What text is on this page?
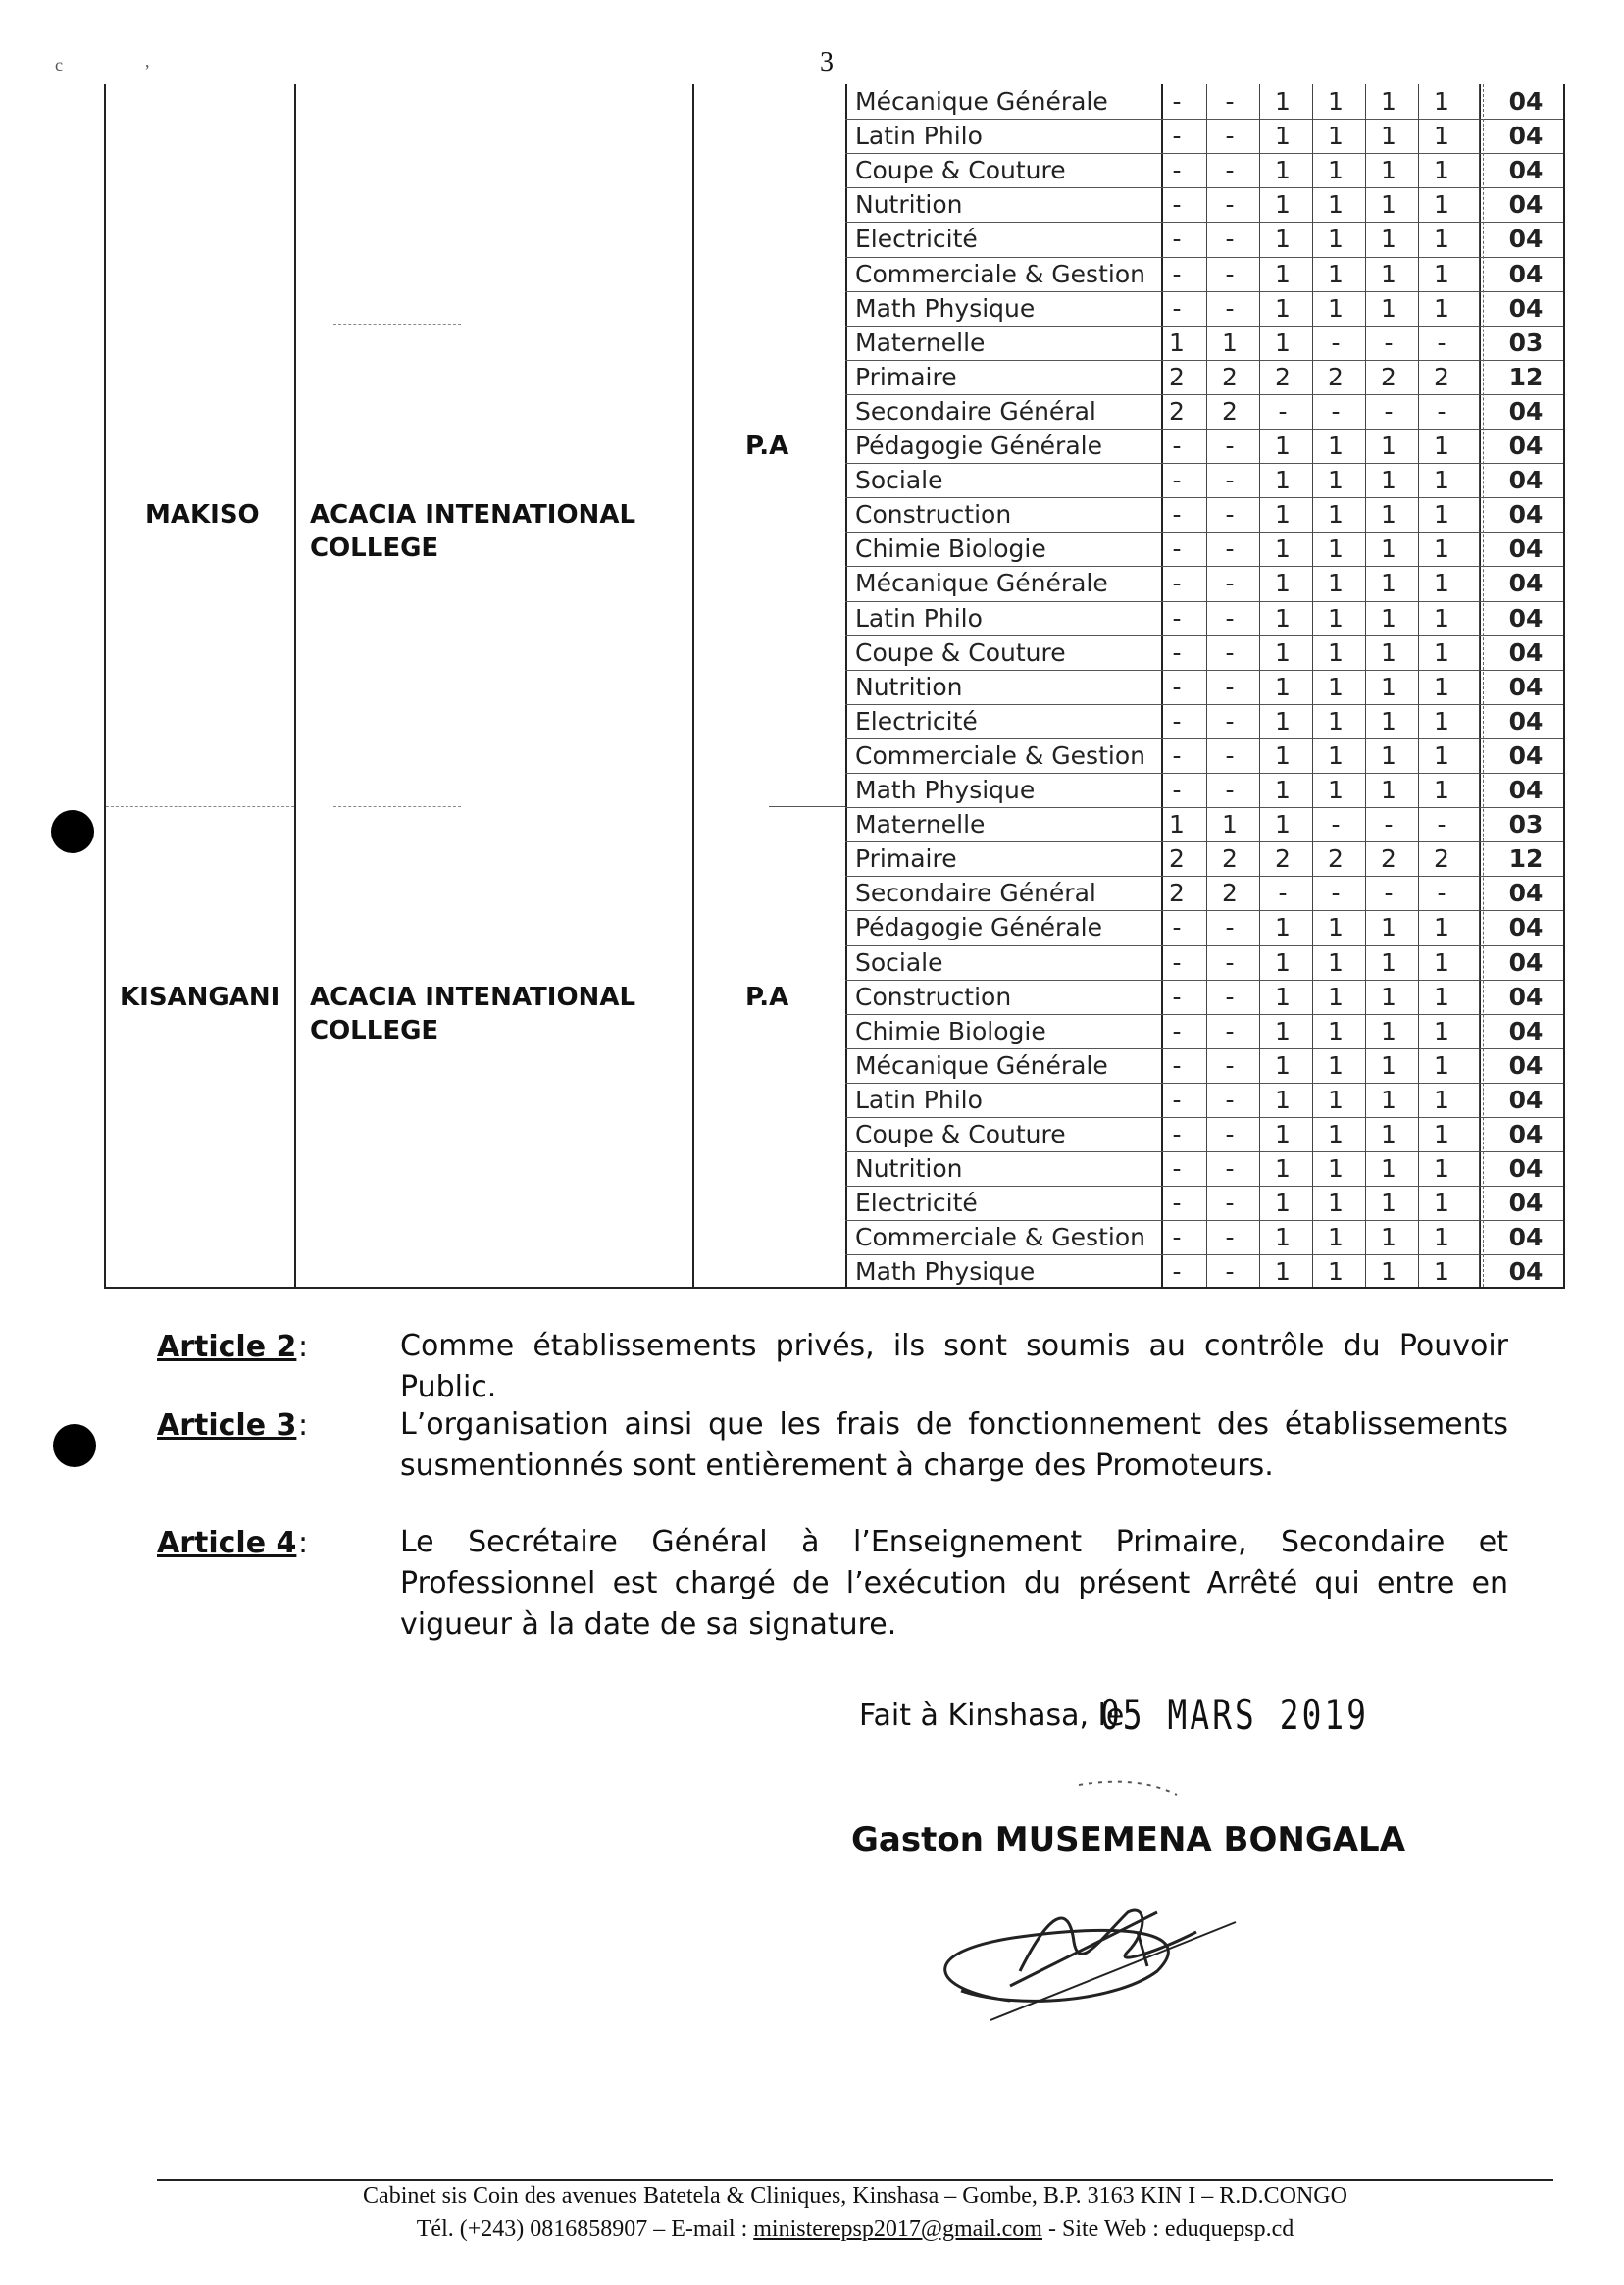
3
c	,
MAKISO ACACIA INTENATIONAL
COLLEGE
P.A
KISANGANI ACACIA INTENATIONAL
COLLEGE
P.A
Mécanique Générale	-	-	1	1	1	1	04
Latin Philo	-	-	1	1	1	1	04
Coupe & Couture	-	-	1	1	1	1	04
Nutrition	-	-	1	1	1	1	04
Electricité	-	-	1	1	1	1	04
Commerciale & Gestion	-	-	1	1	1	1	04
Math Physique	-	-	1	1	1	1	04
Maternelle	1	1	1	-	-	-	03
Primaire	2	2	2	2	2	2	12
Secondaire Général	2	2	-	-	-	-	04
Pédagogie Générale	-	-	1	1	1	1	04
Sociale	-	-	1	1	1	1	04
Construction	-	-	1	1	1	1	04
Chimie Biologie	-	-	1	1	1	1	04
Mécanique Générale	-	-	1	1	1	1	04
Latin Philo	-	-	1	1	1	1	04
Coupe & Couture	-	-	1	1	1	1	04
Nutrition	-	-	1	1	1	1	04
Electricité	-	-	1	1	1	1	04
Commerciale & Gestion	-	-	1	1	1	1	04
Math Physique	-	-	1	1	1	1	04
Maternelle	1	1	1	-	-	-	03
Primaire	2	2	2	2	2	2	12
Secondaire Général	2	2	-	-	-	-	04
Pédagogie Générale	-	-	1	1	1	1	04
Sociale	-	-	1	1	1	1	04
Construction	-	-	1	1	1	1	04
Chimie Biologie	-	-	1	1	1	1	04
Mécanique Générale	-	-	1	1	1	1	04
Latin Philo	-	-	1	1	1	1	04
Coupe & Couture	-	-	1	1	1	1	04
Nutrition	-	-	1	1	1	1	04
Electricité	-	-	1	1	1	1	04
Commerciale & Gestion	-	-	1	1	1	1	04
Math Physique	-	-	1	1	1	1	04
Article 2 :	Comme établissements privés, ils sont soumis au contrôle du Pouvoir Public.
Article 3 :	L’organisation ainsi que les frais de fonctionnement des établissements susmentionnés sont entièrement à charge des Promoteurs.
Article 4 :	Le Secrétaire Général à l’Enseignement Primaire, Secondaire et Professionnel est chargé de l’exécution du présent Arrêté qui entre en vigueur à la date de sa signature.
Fait à Kinshasa, le
05 MARS 2019
Gaston MUSEMENA BONGALA
Cabinet sis Coin des avenues Batetela & Cliniques, Kinshasa – Gombe, B.P. 3163 KIN I – R.D.CONGO
Tél. (+243) 0816858907 – E-mail : ministerepsp2017@gmail.com - Site Web : eduquepsp.cd
